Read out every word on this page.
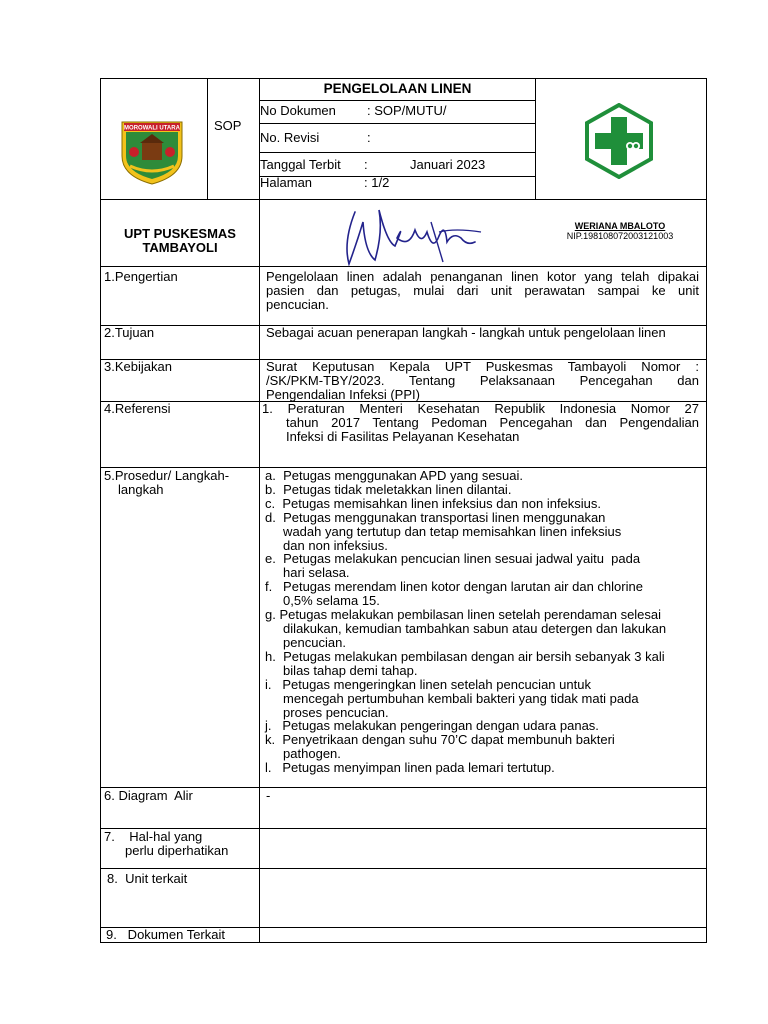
MOROWALI UTARA	SOP
PENGELOLAAN LINEN
No Dokumen : SOP/MUTU/
No. Revisi	:
Tanggal Terbit :	Januari 2023
Halaman	: 1/2
UPT PUSKESMAS
TAMBAYOLI
WERIANA MBALOTO
NIP.198108072003121003
1.Pengertian	Pengelolaan linen adalah penanganan linen kotor yang telah dipakai
pasien dan petugas, mulai dari unit perawatan sampai ke unit
pencucian.
2.Tujuan	Sebagai acuan penerapan langkah - langkah untuk pengelolaan linen
3.Kebijakan	Surat Keputusan Kepala UPT Puskesmas Tambayoli Nomor :
/SK/PKM-TBY/2023. Tentang Pelaksanaan Pencegahan dan
Pengendalian Infeksi (PPI)
4.Referensi	1. Peraturan Menteri Kesehatan Republik Indonesia Nomor 27
tahun 2017 Tentang Pedoman Pencegahan dan Pengendalian
Infeksi di Fasilitas Pelayanan Kesehatan
5.Prosedur/ Langkah-
langkah
a.  Petugas menggunakan APD yang sesuai.
b.  Petugas tidak meletakkan linen dilantai.
c.  Petugas memisahkan linen infeksius dan non infeksius.
d.  Petugas menggunakan transportasi linen menggunakan
wadah yang tertutup dan tetap memisahkan linen infeksius
dan non infeksius.
e.  Petugas melakukan pencucian linen sesuai jadwal yaitu  pada
hari selasa.
f.   Petugas merendam linen kotor dengan larutan air dan chlorine
0,5% selama 15.
g. Petugas melakukan pembilasan linen setelah perendaman selesai
dilakukan, kemudian tambahkan sabun atau detergen dan lakukan
pencucian.
h.  Petugas melakukan pembilasan dengan air bersih sebanyak 3 kali
bilas tahap demi tahap.
i.   Petugas mengeringkan linen setelah pencucian untuk
mencegah pertumbuhan kembali bakteri yang tidak mati pada
proses pencucian.
j.   Petugas melakukan pengeringan dengan udara panas.
k.  Penyetrikaan dengan suhu 70’C dapat membunuh bakteri
pathogen.
l.   Petugas menyimpan linen pada lemari tertutup.
6. Diagram  Alir	-
7.    Hal-hal yang
perlu diperhatikan
8.  Unit terkait
9.   Dokumen Terkait
